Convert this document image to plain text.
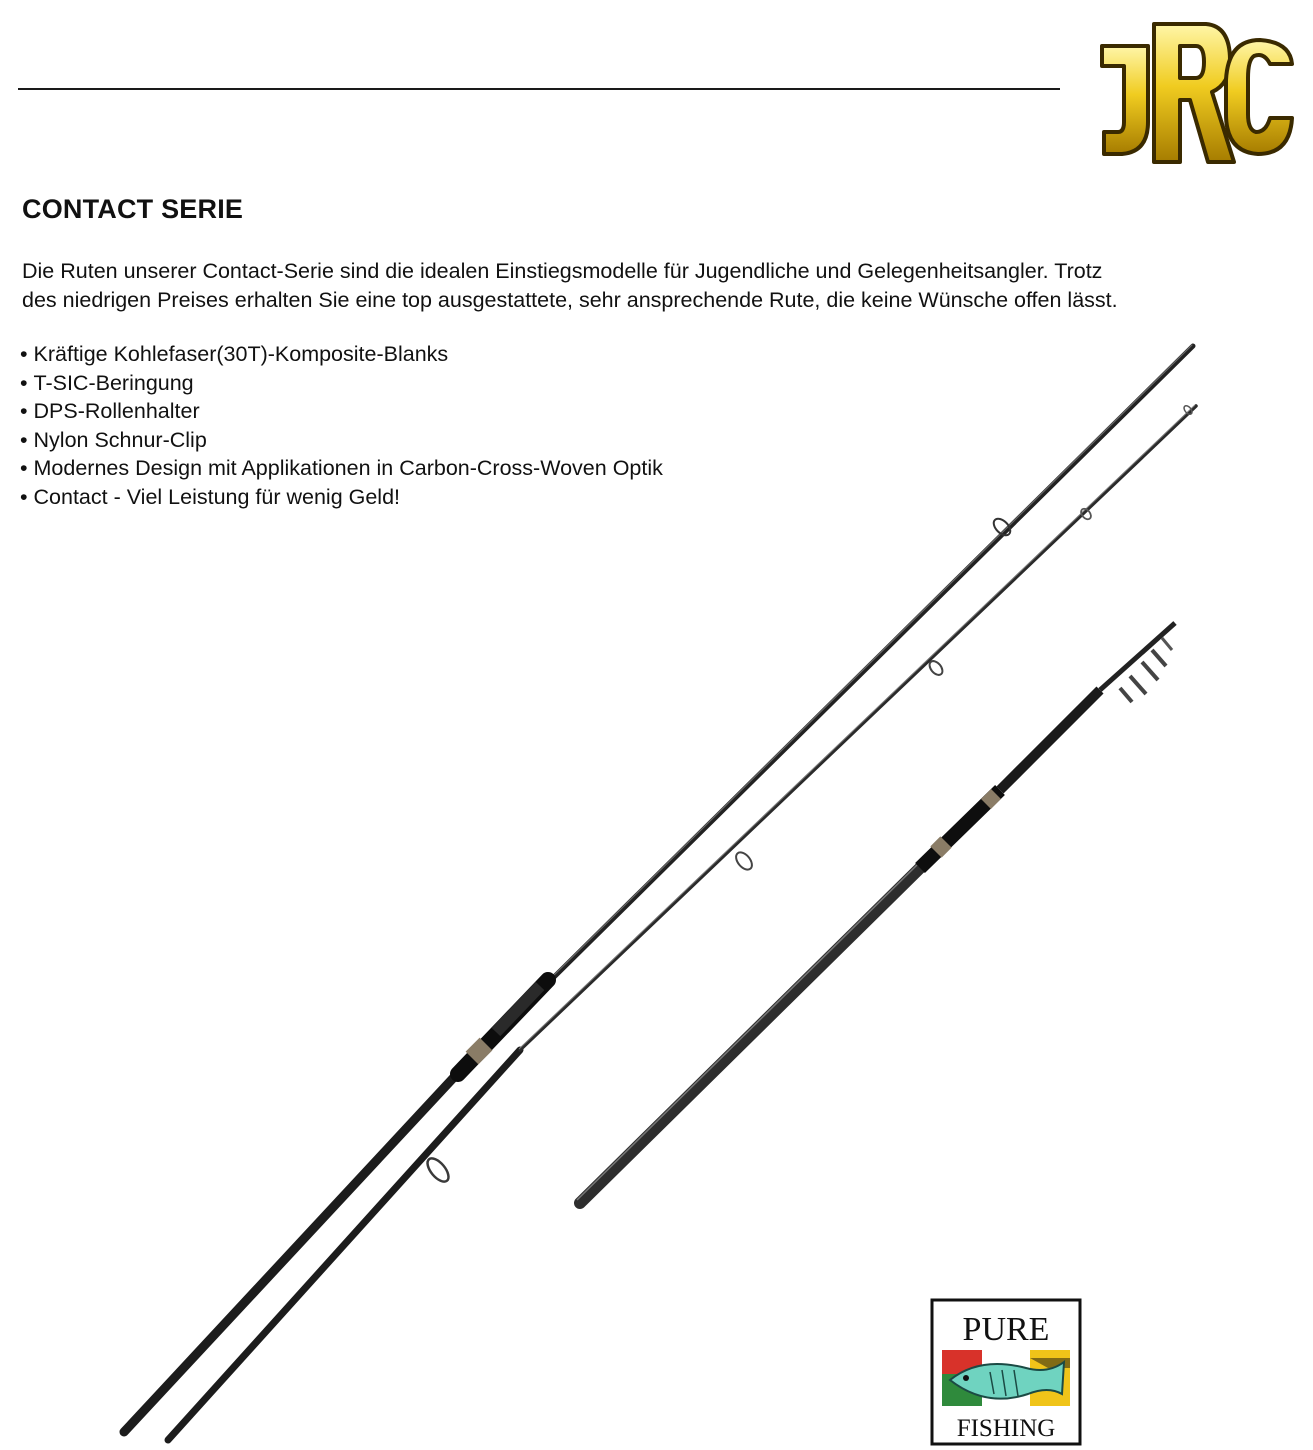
JRC
CONTACT SERIE

Die Ruten unserer Contact-Serie sind die idealen Einstiegsmodelle für Jugendliche und Gelegenheitsangler. Trotz
des niedrigen Preises erhalten Sie eine top ausgestattete, sehr ansprechende Rute, die keine Wünsche offen lässt.

• Kräftige Kohlefaser(30T)-Komposite-Blanks
• T-SIC-Beringung
• DPS-Rollenhalter
• Nylon Schnur-Clip
• Modernes Design mit Applikationen in Carbon-Cross-Woven Optik
• Contact - Viel Leistung für wenig Geld!
PURE
FISHING
